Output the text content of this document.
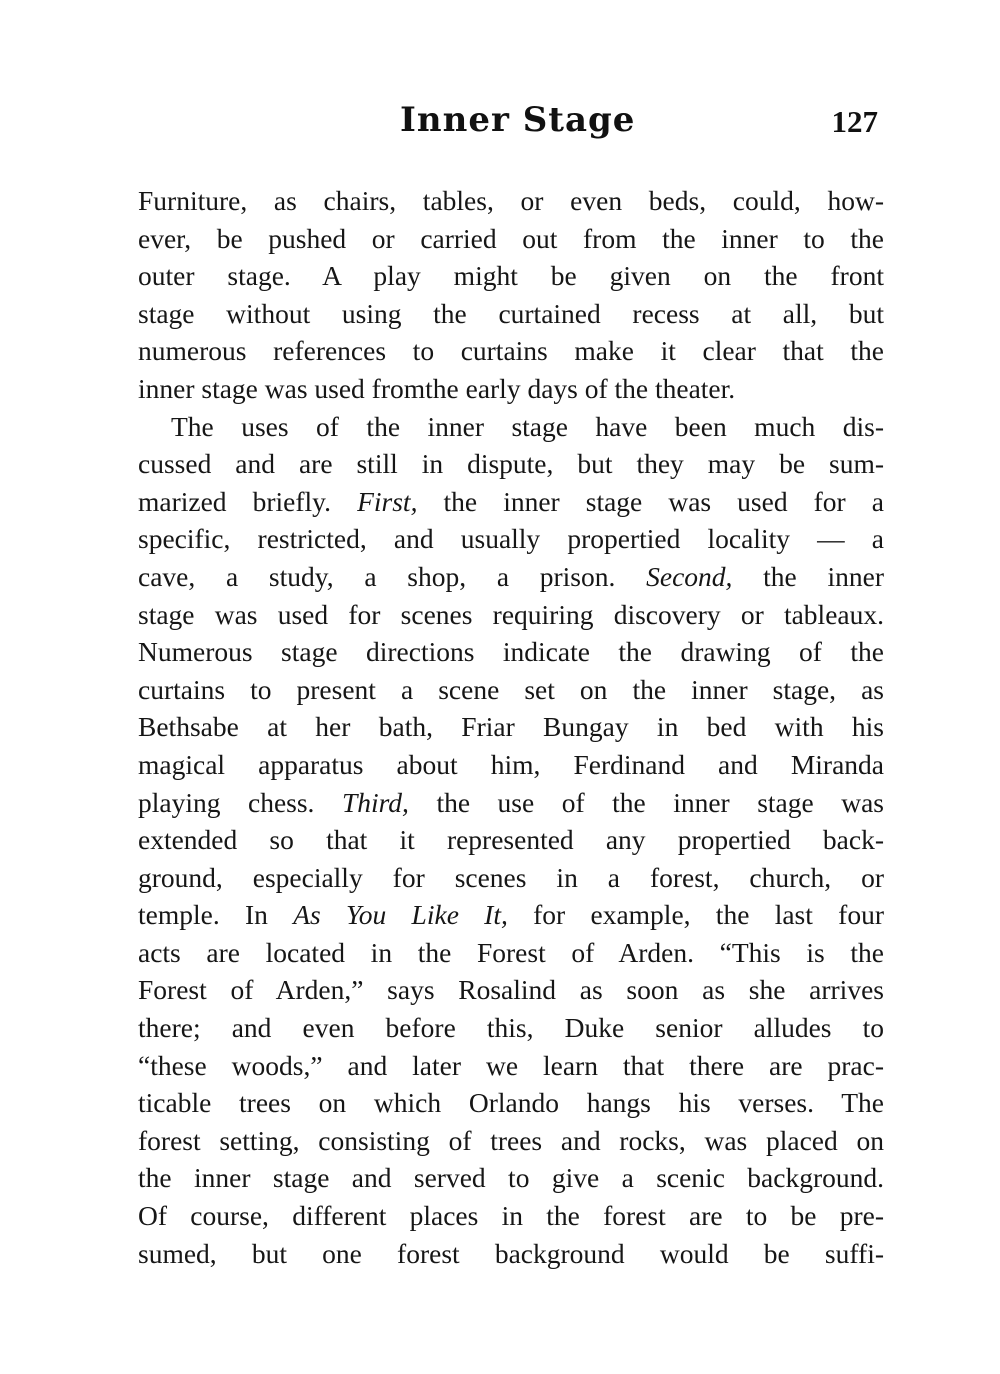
Inner Stage	127
Furniture, as chairs, tables, or even beds, could, how-
ever, be pushed or carried out from the inner to the
outer stage. A play might be given on the front
stage without using the curtained recess at all, but
numerous references to curtains make it clear that the
inner stage was used fromthe early days of the theater.
The uses of the inner stage have been much dis-
cussed and are still in dispute, but they may be sum-
marized briefly. First, the inner stage was used for a
specific, restricted, and usually propertied locality — a
cave, a study, a shop, a prison. Second, the inner
stage was used for scenes requiring discovery or tableaux.
Numerous stage directions indicate the drawing of the
curtains to present a scene set on the inner stage, as
Bethsabe at her bath, Friar Bungay in bed with his
magical apparatus about him, Ferdinand and Miranda
playing chess. Third, the use of the inner stage was
extended so that it represented any propertied back-
ground, especially for scenes in a forest, church, or
temple. In As You Like It, for example, the last four
acts are located in the Forest of Arden. “This is the
Forest of Arden,” says Rosalind as soon as she arrives
there; and even before this, Duke senior alludes to
“these woods,” and later we learn that there are prac-
ticable trees on which Orlando hangs his verses. The
forest setting, consisting of trees and rocks, was placed on
the inner stage and served to give a scenic background.
Of course, different places in the forest are to be pre-
sumed, but one forest background would be suffi-
